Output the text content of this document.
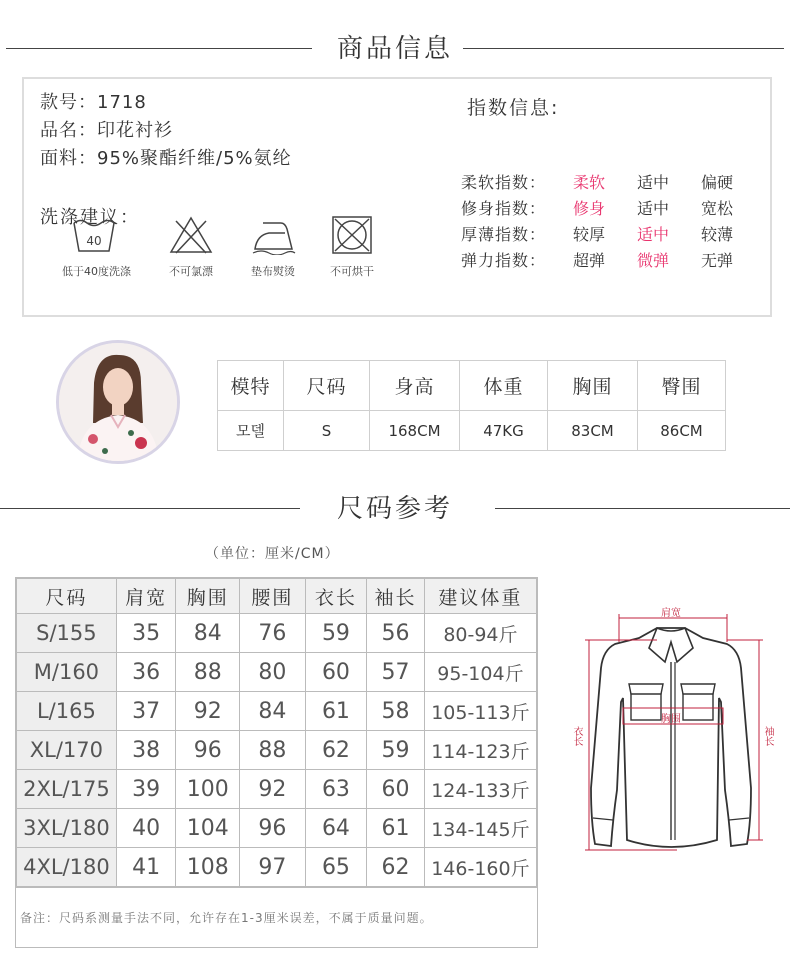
商品信息
款号：1718
品名：印花衬衫
面料：95%聚酯纤维/5%氨纶
洗涤建议：
40
低于40度洗涤	不可氯漂	垫布熨烫	不可烘干
指数信息:
柔软指数：	柔软	适中	偏硬
修身指数：	修身	适中	宽松
厚薄指数：	较厚	适中	较薄
弹力指数：	超弹	微弹	无弹
模特	尺码	身高	体重	胸围	臀围
모델	S	168CM	47KG	83CM	86CM
尺码参考
（单位：厘米/CM）
尺码	肩宽	胸围	腰围	衣长	袖长	建议体重
S/155	35	84	76	59	56	80-94斤
M/160	36	88	80	60	57	95-104斤
L/165	37	92	84	61	58	105-113斤
XL/170	38	96	88	62	59	114-123斤
2XL/175	39	100	92	63	60	124-133斤
3XL/180	40	104	96	64	61	134-145斤
4XL/180	41	108	97	65	62	146-160斤
备注：尺码系测量手法不同，允许存在1-3厘米误差，不属于质量问题。
肩宽
胸围
衣长	袖长
